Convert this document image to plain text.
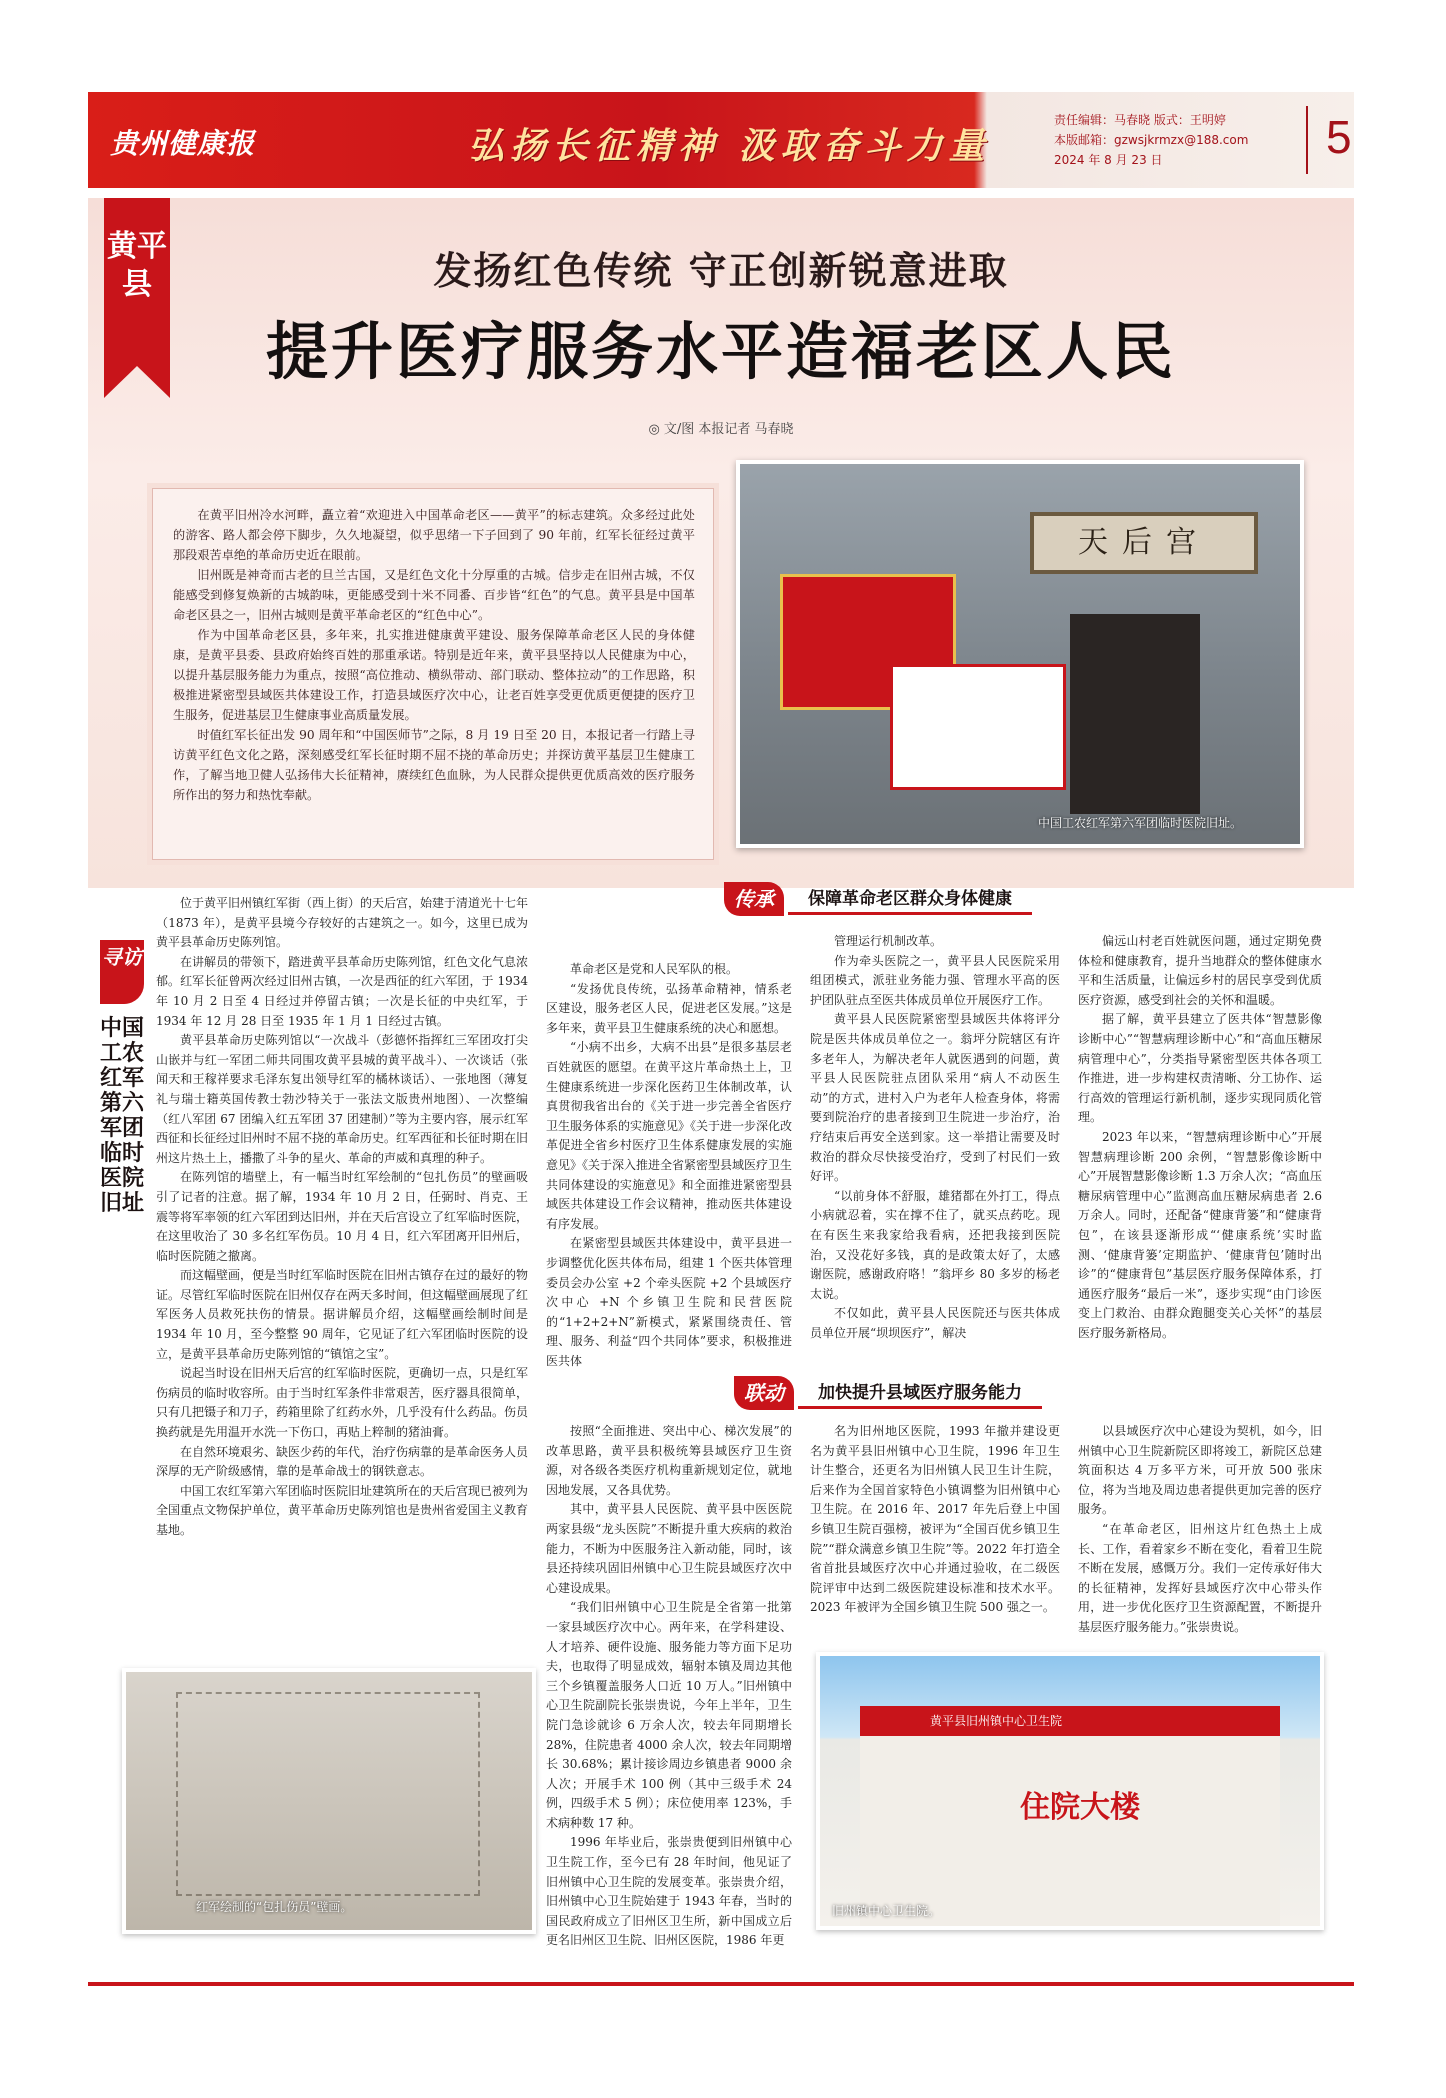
贵州健康报	弘扬长征精神 汲取奋斗力量
责任编辑：马春晓 版式：王明婷
本版邮箱：gzwsjkrmzx@188.com
2024 年 8 月 23 日	5
黄平县	发扬红色传统 守正创新锐意进取
提升医疗服务水平造福老区人民
◎ 文/图 本报记者 马春晓

在黄平旧州冷水河畔，矗立着“欢迎进入中国革命老区——黄平”的标志建筑。众多经过此处的游客、路人都会停下脚步，久久地凝望，似乎思绪一下子回到了 90 年前，红军长征经过黄平那段艰苦卓绝的革命历史近在眼前。

旧州既是神奇而古老的旦兰古国，又是红色文化十分厚重的古城。信步走在旧州古城，不仅能感受到修复焕新的古城韵味，更能感受到十米不同番、百步皆“红色”的气息。黄平县是中国革命老区县之一，旧州古城则是黄平革命老区的“红色中心”。

作为中国革命老区县，多年来，扎实推进健康黄平建设、服务保障革命老区人民的身体健康，是黄平县委、县政府始终百姓的那重承诺。特别是近年来，黄平县坚持以人民健康为中心，以提升基层服务能力为重点，按照“高位推动、横纵带动、部门联动、整体拉动”的工作思路，积极推进紧密型县域医共体建设工作，打造县域医疗次中心，让老百姓享受更优质更便捷的医疗卫生服务，促进基层卫生健康事业高质量发展。

时值红军长征出发 90 周年和“中国医师节”之际，8 月 19 日至 20 日，本报记者一行踏上寻访黄平红色文化之路，深刻感受红军长征时期不屈不挠的革命历史；并探访黄平基层卫生健康工作，了解当地卫健人弘扬伟大长征精神，赓续红色血脉，为人民群众提供更优质高效的医疗服务所作出的努力和热忱奉献。

天后宫
中国工农红军第六军团临时医院旧址。
寻访
中国工农红军第六军团临时医院旧址

位于黄平旧州镇红军街（西上街）的天后宫，始建于清道光十七年（1873 年），是黄平县境今存较好的古建筑之一。如今，这里已成为黄平县革命历史陈列馆。

在讲解员的带领下，踏进黄平县革命历史陈列馆，红色文化气息浓郁。红军长征曾两次经过旧州古镇，一次是西征的红六军团，于 1934 年 10 月 2 日至 4 日经过并停留古镇；一次是长征的中央红军，于 1934 年 12 月 28 日至 1935 年 1 月 1 日经过古镇。

黄平县革命历史陈列馆以“一次战斗（彭德怀指挥红三军团攻打尖山嵌并与红一军团二师共同围攻黄平县城的黄平战斗）、一次谈话（张闻天和王稼祥要求毛泽东复出领导红军的橘林谈话）、一张地图（薄复礼与瑞士籍英国传教士勃沙特关于一张法文版贵州地图）、一次整编（红八军团 67 团编入红五军团 37 团建制）”等为主要内容，展示红军西征和长征经过旧州时不屈不挠的革命历史。红军西征和长征时期在旧州这片热土上，播撒了斗争的星火、革命的声威和真理的种子。

在陈列馆的墙壁上，有一幅当时红军绘制的“包扎伤员”的壁画吸引了记者的注意。据了解，1934 年 10 月 2 日，任弼时、肖克、王震等将军率领的红六军团到达旧州，并在天后宫设立了红军临时医院，在这里收治了 30 多名红军伤员。10 月 4 日，红六军团离开旧州后，临时医院随之撤离。

而这幅壁画，便是当时红军临时医院在旧州古镇存在过的最好的物证。尽管红军临时医院在旧州仅存在两天多时间，但这幅壁画展现了红军医务人员救死扶伤的情景。据讲解员介绍，这幅壁画绘制时间是 1934 年 10 月，至今整整 90 周年，它见证了红六军团临时医院的设立，是黄平县革命历史陈列馆的“镇馆之宝”。

说起当时设在旧州天后宫的红军临时医院，更确切一点，只是红军伤病员的临时收容所。由于当时红军条件非常艰苦，医疗器具很简单，只有几把镊子和刀子，药箱里除了红药水外，几乎没有什么药品。伤员换药就是先用温开水洗一下伤口，再贴上粹制的猪油膏。

在自然环境艰劣、缺医少药的年代，治疗伤病靠的是革命医务人员深厚的无产阶级感情，靠的是革命战士的钢铁意志。

中国工农红军第六军团临时医院旧址建筑所在的天后宫现已被列为全国重点文物保护单位，黄平革命历史陈列馆也是贵州省爱国主义教育基地。

红军绘制的“包扎伤员”壁画。

革命老区是党和人民军队的根。

“发扬优良传统，弘扬革命精神，情系老区建设，服务老区人民，促进老区发展。”这是多年来，黄平县卫生健康系统的决心和愿想。

“小病不出乡，大病不出县”是很多基层老百姓就医的愿望。在黄平这片革命热土上，卫生健康系统进一步深化医药卫生体制改革，认真贯彻我省出台的《关于进一步完善全省医疗卫生服务体系的实施意见》《关于进一步深化改革促进全省乡村医疗卫生体系健康发展的实施意见》《关于深入推进全省紧密型县域医疗卫生共同体建设的实施意见》和全面推进紧密型县域医共体建设工作会议精神，推动医共体建设有序发展。

在紧密型县域医共体建设中，黄平县进一步调整优化医共体布局，组建 1 个医共体管理委员会办公室 +2 个牵头医院 +2 个县域医疗次中心 +N 个乡镇卫生院和民营医院的“1+2+2+N”新模式，紧紧围绕责任、管理、服务、利益“四个共同体”要求，积极推进医共体

传承	保障革命老区群众身体健康

管理运行机制改革。

作为牵头医院之一，黄平县人民医院采用组团模式，派驻业务能力强、管理水平高的医护团队驻点至医共体成员单位开展医疗工作。

黄平县人民医院紧密型县域医共体将评分院是医共体成员单位之一。翁坪分院辖区有许多老年人，为解决老年人就医遇到的问题，黄平县人民医院驻点团队采用“病人不动医生动”的方式，进村入户为老年人检查身体，将需要到院治疗的患者接到卫生院进一步治疗，治疗结束后再安全送到家。这一举措让需要及时救治的群众尽快接受治疗，受到了村民们一致好评。

“以前身体不舒服，雄猪都在外打工，得点小病就忍着，实在撑不住了，就买点药吃。现在有医生来我家给我看病，还把我接到医院治，又没花好多钱，真的是政策太好了，太感谢医院，感谢政府咯！”翁坪乡 80 多岁的杨老太说。

不仅如此，黄平县人民医院还与医共体成员单位开展“坝坝医疗”，解决

偏远山村老百姓就医问题，通过定期免费体检和健康教育，提升当地群众的整体健康水平和生活质量，让偏远乡村的居民享受到优质医疗资源，感受到社会的关怀和温暖。

据了解，黄平县建立了医共体“智慧影像诊断中心”“智慧病理诊断中心”和“高血压糖尿病管理中心”，分类指导紧密型医共体各项工作推进，进一步构建权责清晰、分工协作、运行高效的管理运行新机制，逐步实现同质化管理。

2023 年以来，“智慧病理诊断中心”开展智慧病理诊断 200 余例，“智慧影像诊断中心”开展智慧影像诊断 1.3 万余人次；“高血压糖尿病管理中心”监测高血压糖尿病患者 2.6 万余人。同时，还配备“健康背篓”和“健康背包”，在该县逐渐形成“‘健康系统’实时监测、‘健康背篓’定期监护、‘健康背包’随时出诊”的“健康背包”基层医疗服务保障体系，打通医疗服务“最后一米”，逐步实现“由门诊医变上门救治、由群众跑腿变关心关怀”的基层医疗服务新格局。

联动	加快提升县域医疗服务能力

按照“全面推进、突出中心、梯次发展”的改革思路，黄平县积极统筹县域医疗卫生资源，对各级各类医疗机构重新规划定位，就地因地发展，又各具优势。

其中，黄平县人民医院、黄平县中医医院两家县级“龙头医院”不断提升重大疾病的救治能力，不断为中医服务注入新动能，同时，该县还持续巩固旧州镇中心卫生院县域医疗次中心建设成果。

“我们旧州镇中心卫生院是全省第一批第一家县域医疗次中心。两年来，在学科建设、人才培养、硬件设施、服务能力等方面下足功夫，也取得了明显成效，辐射本镇及周边其他三个乡镇覆盖服务人口近 10 万人。”旧州镇中心卫生院副院长张崇贵说，今年上半年，卫生院门急诊就诊 6 万余人次，较去年同期增长 28%，住院患者 4000 余人次，较去年同期增长 30.68%；累计接诊周边乡镇患者 9000 余人次；开展手术 100 例（其中三级手术 24 例，四级手术 5 例）；床位使用率 123%，手术病种数 17 种。

1996 年毕业后，张崇贵便到旧州镇中心卫生院工作，至今已有 28 年时间，他见证了旧州镇中心卫生院的发展变革。张崇贵介绍，旧州镇中心卫生院始建于 1943 年春，当时的国民政府成立了旧州区卫生所，新中国成立后更名旧州区卫生院、旧州区医院，1986 年更

名为旧州地区医院，1993 年撤并建设更名为黄平县旧州镇中心卫生院，1996 年卫生计生整合，还更名为旧州镇人民卫生计生院，后来作为全国首家特色小镇调整为旧州镇中心卫生院。在 2016 年、2017 年先后登上中国乡镇卫生院百强榜，被评为“全国百优乡镇卫生院”“群众满意乡镇卫生院”等。2022 年打造全省首批县域医疗次中心并通过验收，在二级医院评审中达到二级医院建设标准和技术水平。2023 年被评为全国乡镇卫生院 500 强之一。

以县域医疗次中心建设为契机，如今，旧州镇中心卫生院新院区即将竣工，新院区总建筑面积达 4 万多平方米，可开放 500 张床位，将为当地及周边患者提供更加完善的医疗服务。

“在革命老区，旧州这片红色热土上成长、工作，看着家乡不断在变化，看着卫生院不断在发展，感慨万分。我们一定传承好伟大的长征精神，发挥好县域医疗次中心带头作用，进一步优化医疗卫生资源配置，不断提升基层医疗服务能力。”张崇贵说。

黄平县旧州镇中心卫生院
住院大楼
旧州镇中心卫生院。
